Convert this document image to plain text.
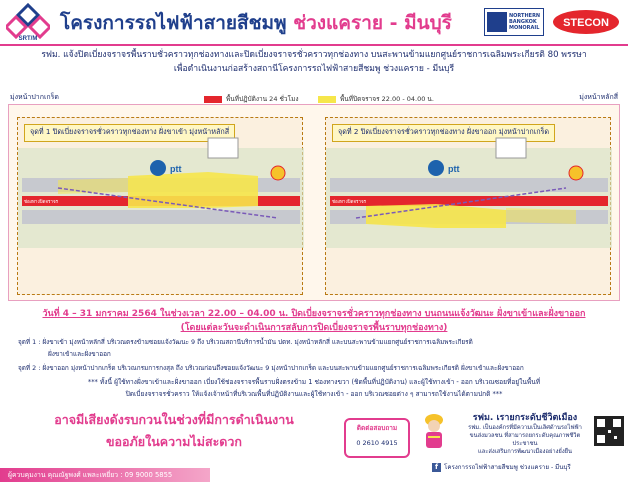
SRT/M
โครงการรถไฟฟ้าสายสีชมพู ช่วงแคราย - มีนบุรี	NORTHERN
BANGKOK
MONORAIL STECON
รฟม. แจ้งปิดเบี่ยงจราจรพื้นราบชั่วคราวทุกช่องทางและปิดเบี่ยงจราจรชั่วคราวทุกช่องทาง บนสะพานข้ามแยกศูนย์ราชการเฉลิมพระเกียรติ 80 พรรษา
เพื่อดำเนินงานก่อสร้างสถานีโครงการรถไฟฟ้าสายสีชมพู ช่วงแคราย - มีนบุรี
มุ่งหน้าปากเกร็ด	มุ่งหน้าหลักสี่
พื้นที่ปฏิบัติงาน 24 ชั่วโมง	พื้นที่ปิดจราจร 22.00 - 04.00 น.
จุดที่ 1 ปิดเบี่ยงจราจรชั่วคราวทุกช่องทาง ฝั่งขาเข้า มุ่งหน้าหลักสี่
ptt
ช่องทางปิดจราจร
จุดที่ 2 ปิดเบี่ยงจราจรชั่วคราวทุกช่องทาง ฝั่งขาออก มุ่งหน้าปากเกร็ด
ptt
ช่องทางปิดจราจร
วันที่ 4 – 31 มกราคม 2564 ในช่วงเวลา 22.00 – 04.00 น. ปิดเบี่ยงจราจรชั่วคราวทุกช่องทาง บนถนนแจ้งวัฒนะ ฝั่งขาเข้าและฝั่งขาออก
(โดยแต่ละวันจะดำเนินการสลับการปิดเบี่ยงจราจรพื้นราบทุกช่องทาง)
จุดที่ 1 : ฝั่งขาเข้า มุ่งหน้าหลักสี่ บริเวณตรงข้ามซอยแจ้งวัฒนะ 9 ถึง บริเวณสถานีบริการน้ำมัน ปตท. มุ่งหน้าหลักสี่ และบนสะพานข้ามแยกศูนย์ราชการเฉลิมพระเกียรติ
ฝั่งขาเข้าและฝั่งขาออก
จุดที่ 2 : ฝั่งขาออก มุ่งหน้าปากเกร็ด บริเวณกรมการกงสุล ถึง บริเวณก่อนถึงซอยแจ้งวัฒนะ 9 มุ่งหน้าปากเกร็ด และบนสะพานข้ามแยกศูนย์ราชการเฉลิมพระเกียรติ ฝั่งขาเข้าและฝั่งขาออก
*** ทั้งนี้ ผู้ใช้ทางฝั่งขาเข้าและฝั่งขาออก เบี่ยงใช้ช่องจราจรพื้นราบฝั่งตรงข้าม 1 ช่องทางขวา (ชิดพื้นที่ปฏิบัติงาน) และผู้ใช้ทางเข้า - ออก บริเวณซอยที่อยู่ในพื้นที่
ปิดเบี่ยงจราจรชั่วคราว ให้แจ้งเจ้าหน้าที่บริเวณพื้นที่ปฏิบัติงานและผู้ใช้ทางเข้า - ออก บริเวณซอยต่าง ๆ สามารถใช้งานได้ตามปกติ ***
อาจมีเสียงดังรบกวนในช่วงที่มีการดำเนินงาน
ขออภัยในความไม่สะดวก
ติดต่อสอบถาม
0 2610 4915
รฟม. เรายกระดับชีวิตเมือง
รฟม. เป็นองค์กรที่มีความเป็นเลิศด้านรถไฟฟ้า
ขนส่งมวลชน ที่สามารถยกระดับคุณภาพชีวิตประชาชน
และส่งเสริมการพัฒนาเมืองอย่างยั่งยืน
f โครงการรถไฟฟ้าสายสีชมพู ช่วงแคราย - มีนบุรี
ผู้ควบคุมงาน คุณณัฐพงศ์ แพละเหยี่ยว : 09 9000 5855
